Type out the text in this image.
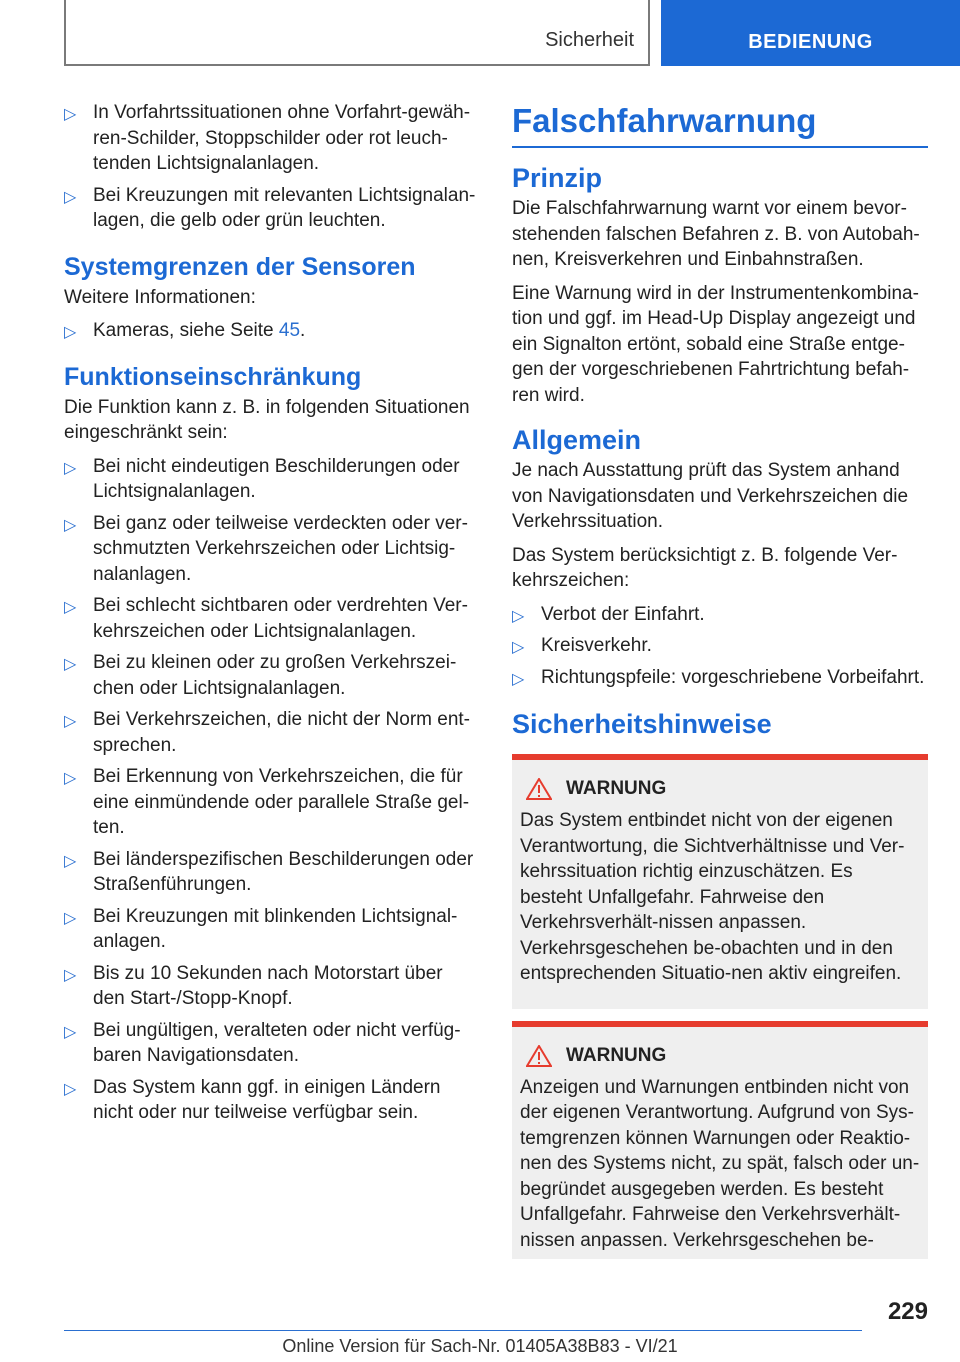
Sicherheit	BEDIENUNG
▷ In Vorfahrtssituationen ohne Vorfahrt-gewäh-ren-Schilder, Stoppschilder oder rot leuch-tenden Lichtsignalanlagen.
▷ Bei Kreuzungen mit relevanten Lichtsignalan-lagen, die gelb oder grün leuchten.
Systemgrenzen der Sensoren
Weitere Informationen:
▷ Kameras, siehe Seite 45.
Funktionseinschränkung
Die Funktion kann z. B. in folgenden Situationen eingeschränkt sein:
▷ Bei nicht eindeutigen Beschilderungen oder Lichtsignalanlagen.
▷ Bei ganz oder teilweise verdeckten oder ver-schmutzten Verkehrszeichen oder Lichtsig-nalanlagen.
▷ Bei schlecht sichtbaren oder verdrehten Ver-kehrszeichen oder Lichtsignalanlagen.
▷ Bei zu kleinen oder zu großen Verkehrszei-chen oder Lichtsignalanlagen.
▷ Bei Verkehrszeichen, die nicht der Norm ent-sprechen.
▷ Bei Erkennung von Verkehrszeichen, die für eine einmündende oder parallele Straße gel-ten.
▷ Bei länderspezifischen Beschilderungen oder Straßenführungen.
▷ Bei Kreuzungen mit blinkenden Lichtsignal-anlagen.
▷ Bis zu 10 Sekunden nach Motorstart über den Start-/Stopp-Knopf.
▷ Bei ungültigen, veralteten oder nicht verfüg-baren Navigationsdaten.
▷ Das System kann ggf. in einigen Ländern nicht oder nur teilweise verfügbar sein.
Falschfahrwarnung
Prinzip
Die Falschfahrwarnung warnt vor einem bevor-stehenden falschen Befahren z. B. von Autobah-nen, Kreisverkehren und Einbahnstraßen.
Eine Warnung wird in der Instrumentenkombina-tion und ggf. im Head-Up Display angezeigt und ein Signalton ertönt, sobald eine Straße entge-gen der vorgeschriebenen Fahrtrichtung befah-ren wird.
Allgemein
Je nach Ausstattung prüft das System anhand von Navigationsdaten und Verkehrszeichen die Verkehrssituation.
Das System berücksichtigt z. B. folgende Ver-kehrszeichen:
▷ Verbot der Einfahrt.
▷ Kreisverkehr.
▷ Richtungspfeile: vorgeschriebene Vorbeifahrt.
Sicherheitshinweise
WARNUNG
Das System entbindet nicht von der eigenen Verantwortung, die Sichtverhältnisse und Ver-kehrssituation richtig einzuschätzen. Es besteht Unfallgefahr. Fahrweise den Verkehrsverhält-nissen anpassen. Verkehrsgeschehen be-obachten und in den entsprechenden Situatio-nen aktiv eingreifen.
WARNUNG
Anzeigen und Warnungen entbinden nicht von der eigenen Verantwortung. Aufgrund von Sys-temgrenzen können Warnungen oder Reaktio-nen des Systems nicht, zu spät, falsch oder un-begründet ausgegeben werden. Es besteht Unfallgefahr. Fahrweise den Verkehrsverhält-nissen anpassen. Verkehrsgeschehen be-
229
Online Version für Sach-Nr. 01405A38B83 - VI/21
